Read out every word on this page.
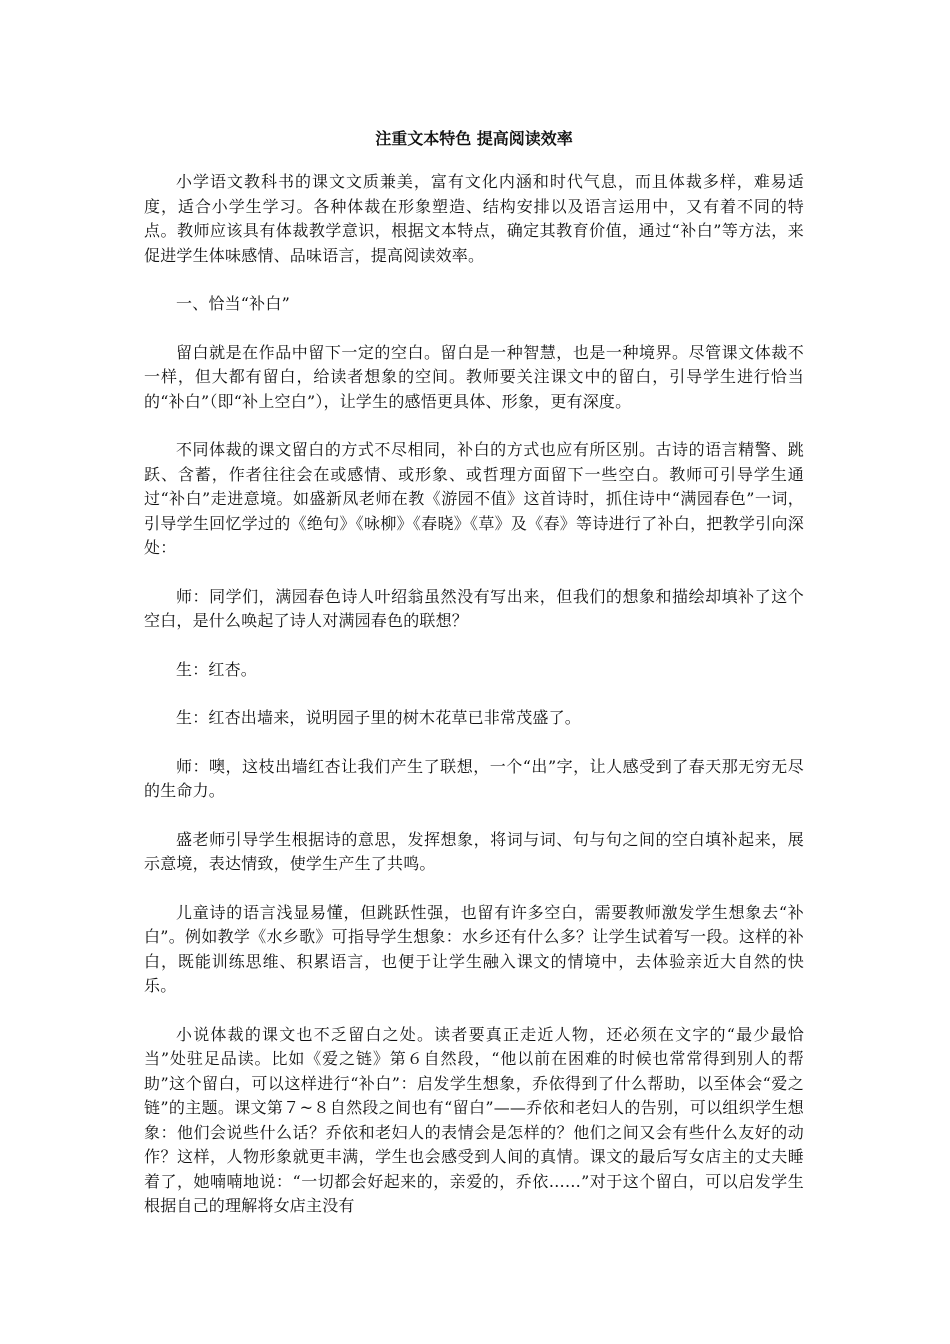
注重文本特色 提高阅读效率

小学语文教科书的课文文质兼美，富有文化内涵和时代气息，而且体裁多样，难易适度，适合小学生学习。各种体裁在形象塑造、结构安排以及语言运用中，又有着不同的特点。教师应该具有体裁教学意识，根据文本特点，确定其教育价值，通过“补白”等方法，来促进学生体味感情、品味语言，提高阅读效率。

一、恰当“补白”

留白就是在作品中留下一定的空白。留白是一种智慧，也是一种境界。尽管课文体裁不一样，但大都有留白，给读者想象的空间。教师要关注课文中的留白，引导学生进行恰当的“补白”（即“补上空白”），让学生的感悟更具体、形象，更有深度。

不同体裁的课文留白的方式不尽相同，补白的方式也应有所区别。古诗的语言精警、跳跃、含蓄，作者往往会在或感情、或形象、或哲理方面留下一些空白。教师可引导学生通过“补白”走进意境。如盛新凤老师在教《游园不值》这首诗时，抓住诗中“满园春色”一词，引导学生回忆学过的《绝句》《咏柳》《春晓》《草》及《春》等诗进行了补白，把教学引向深处：

师：同学们，满园春色诗人叶绍翁虽然没有写出来，但我们的想象和描绘却填补了这个空白，是什么唤起了诗人对满园春色的联想？

生：红杏。

生：红杏出墙来，说明园子里的树木花草已非常茂盛了。

师：噢，这枝出墙红杏让我们产生了联想，一个“出”字，让人感受到了春天那无穷无尽的生命力。

盛老师引导学生根据诗的意思，发挥想象，将词与词、句与句之间的空白填补起来，展示意境，表达情致，使学生产生了共鸣。

儿童诗的语言浅显易懂，但跳跃性强，也留有许多空白，需要教师激发学生想象去“补白”。例如教学《水乡歌》可指导学生想象：水乡还有什么多？让学生试着写一段。这样的补白，既能训练思维、积累语言，也便于让学生融入课文的情境中，去体验亲近大自然的快乐。

小说体裁的课文也不乏留白之处。读者要真正走近人物，还必须在文字的“最少最恰当”处驻足品读。比如《爱之链》第６自然段，“他以前在困难的时候也常常得到别人的帮助”这个留白，可以这样进行“补白”：启发学生想象，乔依得到了什么帮助，以至体会“爱之链”的主题。课文第７~８自然段之间也有“留白”——乔依和老妇人的告别，可以组织学生想象：他们会说些什么话？乔依和老妇人的表情会是怎样的？他们之间又会有些什么友好的动作？这样，人物形象就更丰满，学生也会感受到人间的真情。课文的最后写女店主的丈夫睡着了，她喃喃地说：“一切都会好起来的，亲爱的，乔依……”对于这个留白，可以启发学生根据自己的理解将女店主没有
